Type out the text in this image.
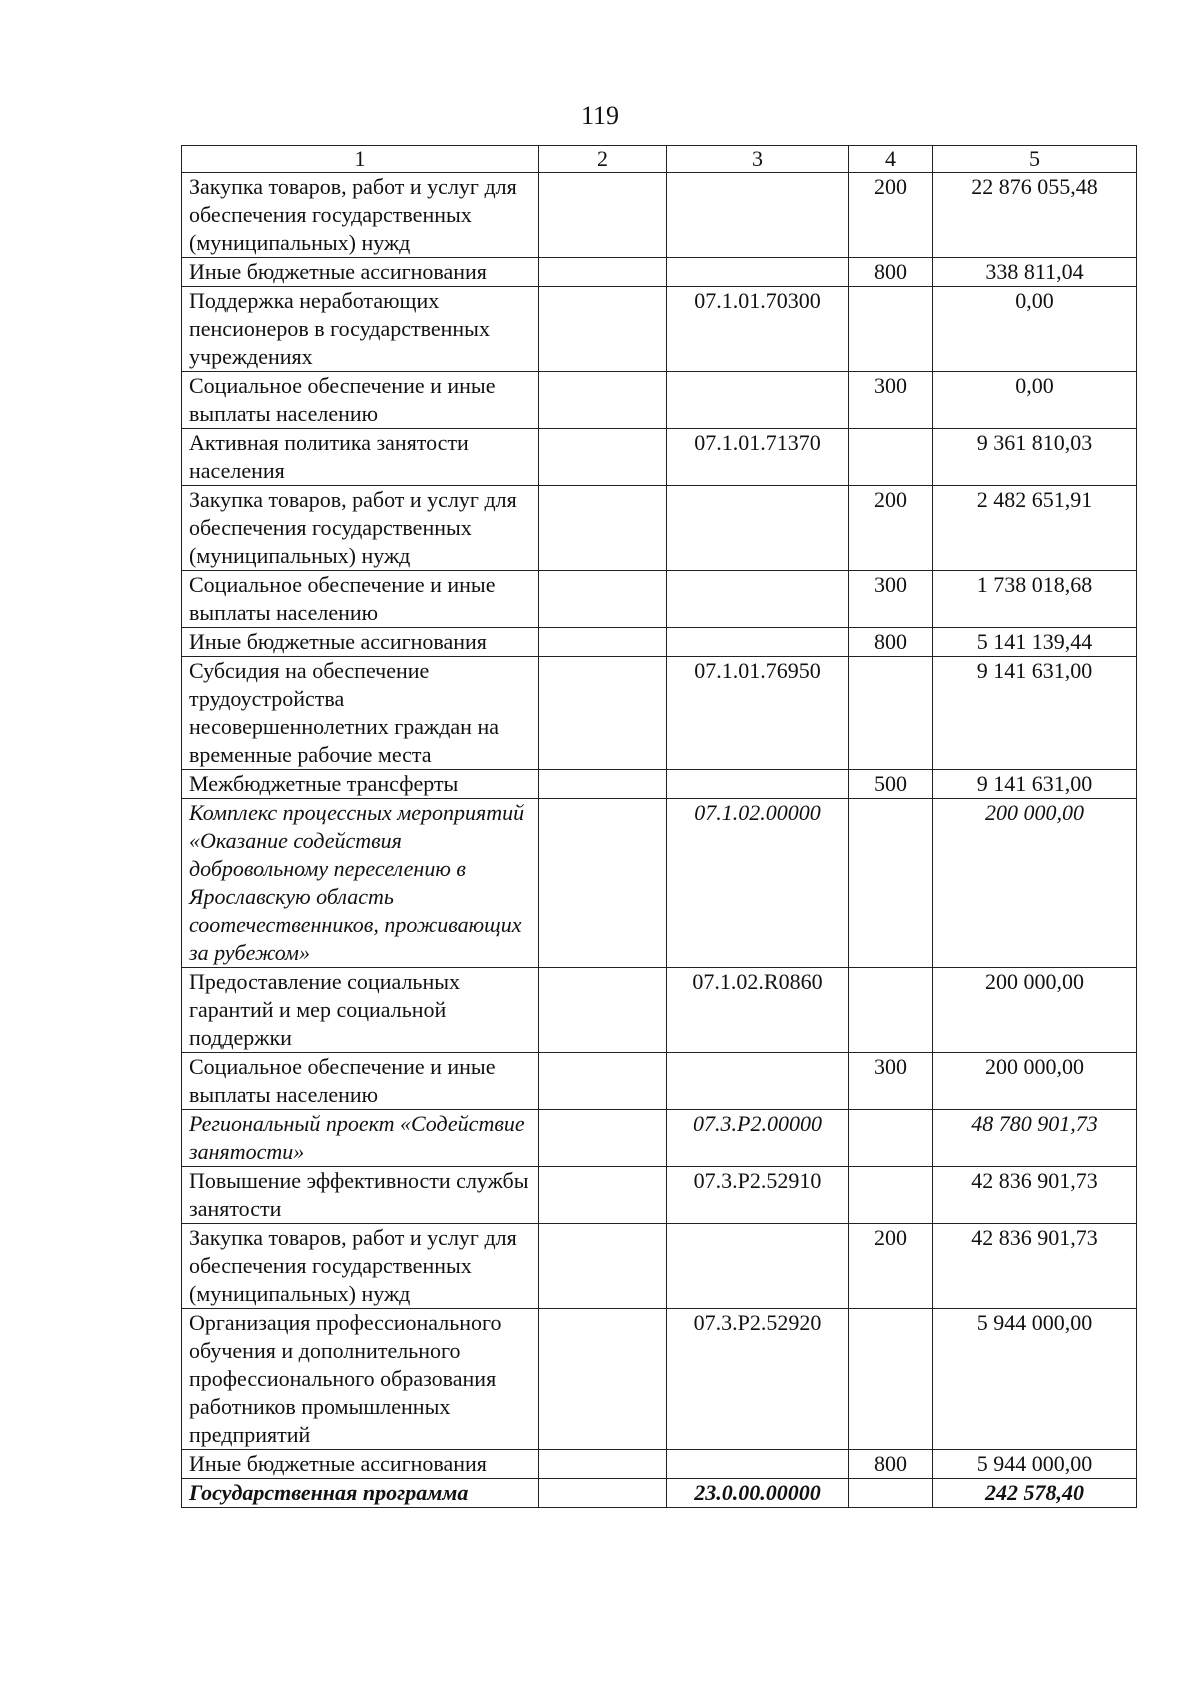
119
1	2	3	4	5
Закупка товаров, работ и услуг для обеспечения государственных (муниципальных) нужд			200	22 876 055,48
Иные бюджетные ассигнования			800	338 811,04
Поддержка неработающих пенсионеров в государственных учреждениях		07.1.01.70300		0,00
Социальное обеспечение и иные выплаты населению			300	0,00
Активная политика занятости населения		07.1.01.71370		9 361 810,03
Закупка товаров, работ и услуг для обеспечения государственных (муниципальных) нужд			200	2 482 651,91
Социальное обеспечение и иные выплаты населению			300	1 738 018,68
Иные бюджетные ассигнования			800	5 141 139,44
Субсидия на обеспечение трудоустройства несовершеннолетних граждан на временные рабочие места		07.1.01.76950		9 141 631,00
Межбюджетные трансферты			500	9 141 631,00
Комплекс процессных мероприятий «Оказание содействия добровольному переселению в Ярославскую область соотечественников, проживающих за рубежом»		07.1.02.00000		200 000,00
Предоставление социальных гарантий и мер социальной поддержки		07.1.02.R0860		200 000,00
Социальное обеспечение и иные выплаты населению			300	200 000,00
Региональный проект «Содействие занятости»		07.3.P2.00000		48 780 901,73
Повышение эффективности службы занятости		07.3.P2.52910		42 836 901,73
Закупка товаров, работ и услуг для обеспечения государственных (муниципальных) нужд			200	42 836 901,73
Организация профессионального обучения и дополнительного профессионального образования работников промышленных предприятий		07.3.P2.52920		5 944 000,00
Иные бюджетные ассигнования			800	5 944 000,00
Государственная программа		23.0.00.00000		242 578,40
